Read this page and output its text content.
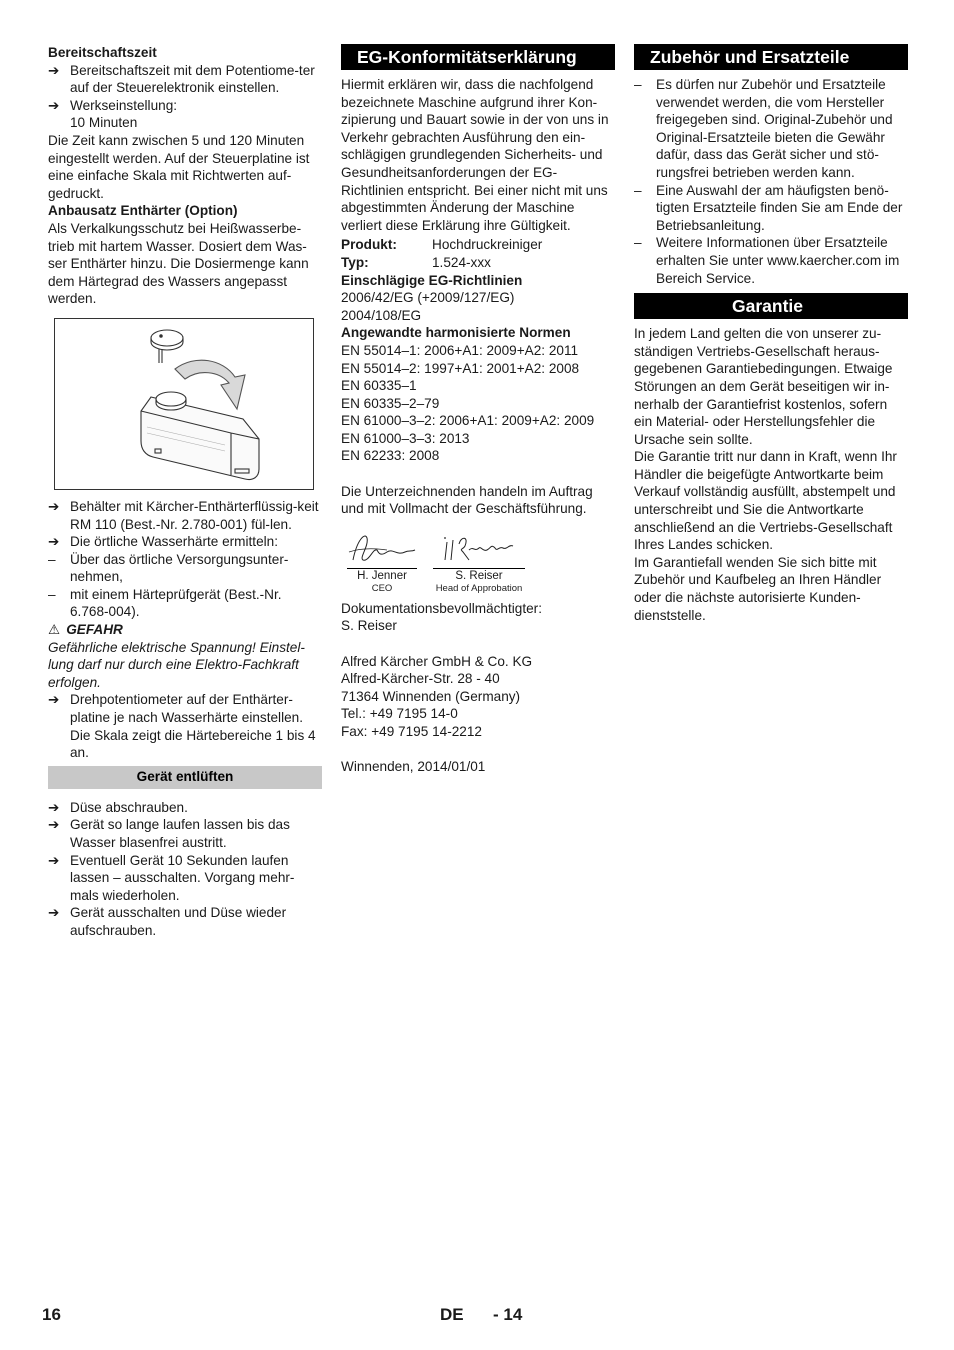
Bereitschaftszeit

➔ Bereitschaftszeit mit dem Potentiome-ter auf der Steuerelektronik einstellen.
➔ Werkseinstellung:
10 Minuten

Die Zeit kann zwischen 5 und 120 Minuten eingestellt werden. Auf der Steuerplatine ist eine einfache Skala mit Richtwerten auf-gedruckt.

Anbausatz Enthärter (Option)

Als Verkalkungsschutz bei Heißwasserbe-trieb mit hartem Wasser. Dosiert dem Was-ser Enthärter hinzu. Die Dosiermenge kann dem Härtegrad des Wassers angepasst werden.

➔ Behälter mit Kärcher-Enthärterflüssig-keit RM 110 (Best.-Nr. 2.780-001) fül-len.
➔ Die örtliche Wasserhärte ermitteln:
–	Über das örtliche Versorgungsunter-nehmen,
–	mit einem Härteprüfgerät (Best.-Nr. 6.768-004).

⚠ GEFAHR

Gefährliche elektrische Spannung! Einstel-lung darf nur durch eine Elektro-Fachkraft erfolgen.

➔ Drehpotentiometer auf der Enthärter-platine je nach Wasserhärte einstellen. Die Skala zeigt die Härtebereiche 1 bis 4 an.
Gerät entlüften
➔ Düse abschrauben.
➔ Gerät so lange laufen lassen bis das Wasser blasenfrei austritt.
➔ Eventuell Gerät 10 Sekunden laufen lassen – ausschalten. Vorgang mehr-mals wiederholen.
➔ Gerät ausschalten und Düse wieder aufschrauben.
EG-Konformitätserklärung

Hiermit erklären wir, dass die nachfolgend bezeichnete Maschine aufgrund ihrer Kon-zipierung und Bauart sowie in der von uns in Verkehr gebrachten Ausführung den ein-schlägigen grundlegenden Sicherheits- und Gesundheitsanforderungen der EG-Richtlinien entspricht. Bei einer nicht mit uns abgestimmten Änderung der Maschine verliert diese Erklärung ihre Gültigkeit.

Produkt:	Hochdruckreiniger
Typ:	1.524-xxx

Einschlägige EG-Richtlinien

2006/42/EG (+2009/127/EG)

2004/108/EG

Angewandte harmonisierte Normen

EN 55014–1: 2006+A1: 2009+A2: 2011

EN 55014–2: 1997+A1: 2001+A2: 2008

EN 60335–1

EN 60335–2–79

EN 61000–3–2: 2006+A1: 2009+A2: 2009

EN 61000–3–3: 2013

EN 62233: 2008

Die Unterzeichnenden handeln im Auftrag und mit Vollmacht der Geschäftsführung.

H. Jenner
CEO
S. Reiser
Head of Approbation

Dokumentationsbevollmächtigter:

S. Reiser

Alfred Kärcher GmbH & Co. KG

Alfred-Kärcher-Str. 28 - 40

71364 Winnenden (Germany)

Tel.: +49 7195 14-0

Fax: +49 7195 14-2212

Winnenden, 2014/01/01

Zubehör und Ersatzteile
–	Es dürfen nur Zubehör und Ersatzteile verwendet werden, die vom Hersteller freigegeben sind. Original-Zubehör und Original-Ersatzteile bieten die Gewähr dafür, dass das Gerät sicher und stö-rungsfrei betrieben werden kann.
–	Eine Auswahl der am häufigsten benö-tigten Ersatzteile finden Sie am Ende der Betriebsanleitung.
–	Weitere Informationen über Ersatzteile erhalten Sie unter www.kaercher.com im Bereich Service.
Garantie

In jedem Land gelten die von unserer zu-ständigen Vertriebs-Gesellschaft heraus-gegebenen Garantiebedingungen. Etwaige Störungen an dem Gerät beseitigen wir in-nerhalb der Garantiefrist kostenlos, sofern ein Material- oder Herstellungsfehler die Ursache sein sollte.

Die Garantie tritt nur dann in Kraft, wenn Ihr Händler die beigefügte Antwortkarte beim Verkauf vollständig ausfüllt, abstempelt und unterschreibt und Sie die Antwortkarte anschließend an die Vertriebs-Gesellschaft Ihres Landes schicken.

Im Garantiefall wenden Sie sich bitte mit Zubehör und Kaufbeleg an Ihren Händler oder die nächste autorisierte Kunden-dienststelle.

16	DE - 14
